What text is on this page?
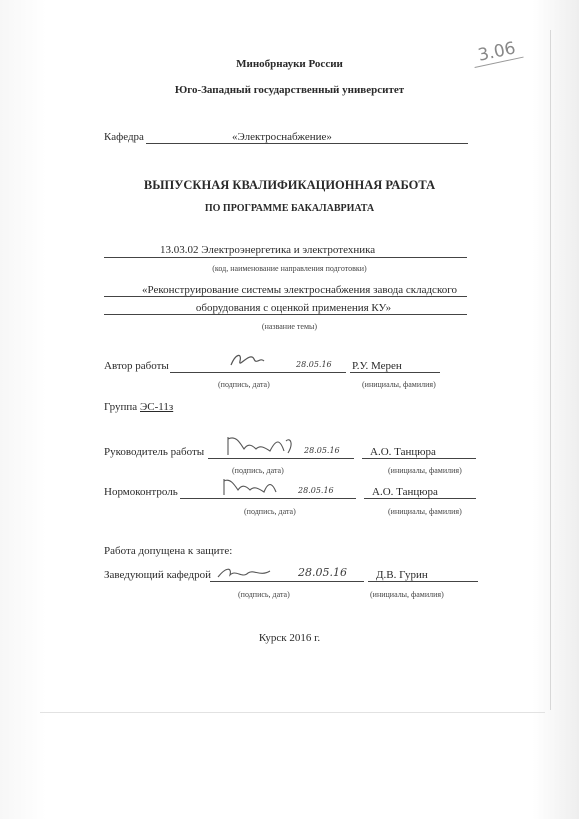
3.06
Минобрнауки России
Юго-Западный государственный университет
Кафедра	«Электроснабжение»
ВЫПУСКНАЯ КВАЛИФИКАЦИОННАЯ РАБОТА
ПО ПРОГРАММЕ БАКАЛАВРИАТА
13.03.02 Электроэнергетика и электротехника
(код, наименование направления подготовки)
«Реконструирование системы электроснабжения завода складского
оборудования с оценкой применения КУ»
(название темы)
Автор работы	28.05.16 Р.У. Мерен
(подпись, дата)	(инициалы, фамилия)
Группа ЭС-11з
Руководитель работы	28.05.16	А.О. Танцюра
(подпись, дата)	(инициалы, фамилия)
Нормоконтроль	28.05.16	А.О. Танцюра
(подпись, дата)	(инициалы, фамилия)
Работа допущена к защите:
Заведующий кафедрой	28.05.16	Д.В. Гурин
(подпись, дата)	(инициалы, фамилия)
Курск 2016 г.
